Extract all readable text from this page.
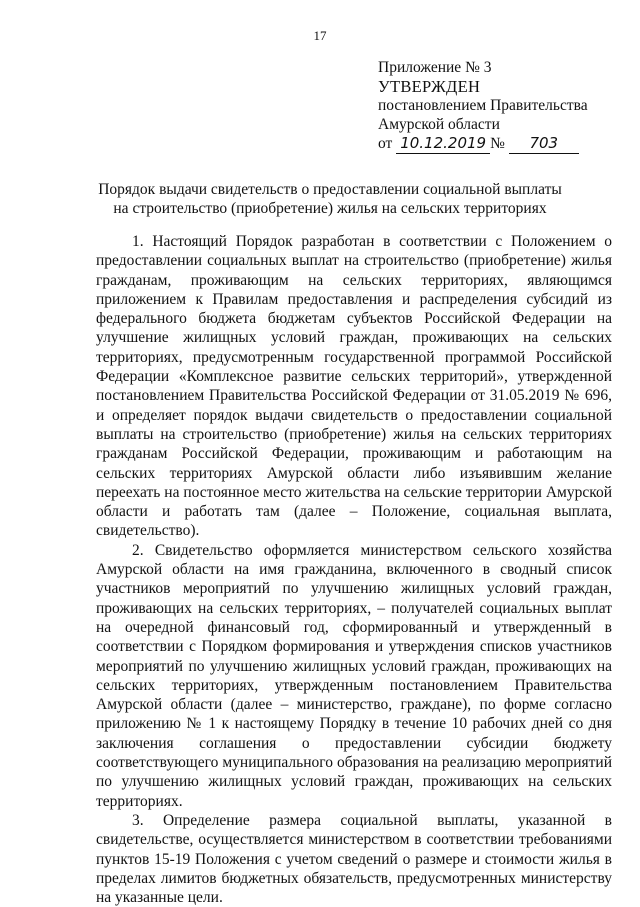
17
Приложение № 3
УТВЕРЖДЕН
постановлением Правительства
Амурской области
от 10.12.2019 № 703
Порядок выдачи свидетельств о предоставлении социальной выплаты
на строительство (приобретение) жилья на сельских территориях

1. Настоящий Порядок разработан в соответствии с Положением о предоставлении социальных выплат на строительство (приобретение) жилья гражданам, проживающим на сельских территориях, являющимся приложением к Правилам предоставления и распределения субсидий из федерального бюджета бюджетам субъектов Российской Федерации на улучшение жилищных условий граждан, проживающих на сельских территориях, предусмотренным государственной программой Российской Федерации «Комплексное развитие сельских территорий», утвержденной постановлением Правительства Российской Федерации от 31.05.2019 № 696, и определяет порядок выдачи свидетельств о предоставлении социальной выплаты на строительство (приобретение) жилья на сельских территориях гражданам Российской Федерации, проживающим и работающим на сельских территориях Амурской области либо изъявившим желание переехать на постоянное место жительства на сельские территории Амурской области и работать там (далее – Положение, социальная выплата, свидетельство).

2. Свидетельство оформляется министерством сельского хозяйства Амурской области на имя гражданина, включенного в сводный список участников мероприятий по улучшению жилищных условий граждан, проживающих на сельских территориях, – получателей социальных выплат на очередной финансовый год, сформированный и утвержденный в соответствии с Порядком формирования и утверждения списков участников мероприятий по улучшению жилищных условий граждан, проживающих на сельских территориях, утвержденным постановлением Правительства Амурской области (далее – министерство, граждане), по форме согласно приложению № 1 к настоящему Порядку в течение 10 рабочих дней со дня заключения соглашения о предоставлении субсидии бюджету соответствующего муниципального образования на реализацию мероприятий по улучшению жилищных условий граждан, проживающих на сельских территориях.

3. Определение размера социальной выплаты, указанной в свидетельстве, осуществляется министерством в соответствии требованиями пунктов 15-19 Положения с учетом сведений о размере и стоимости жилья в пределах лимитов бюджетных обязательств, предусмотренных министерству на указанные цели.
